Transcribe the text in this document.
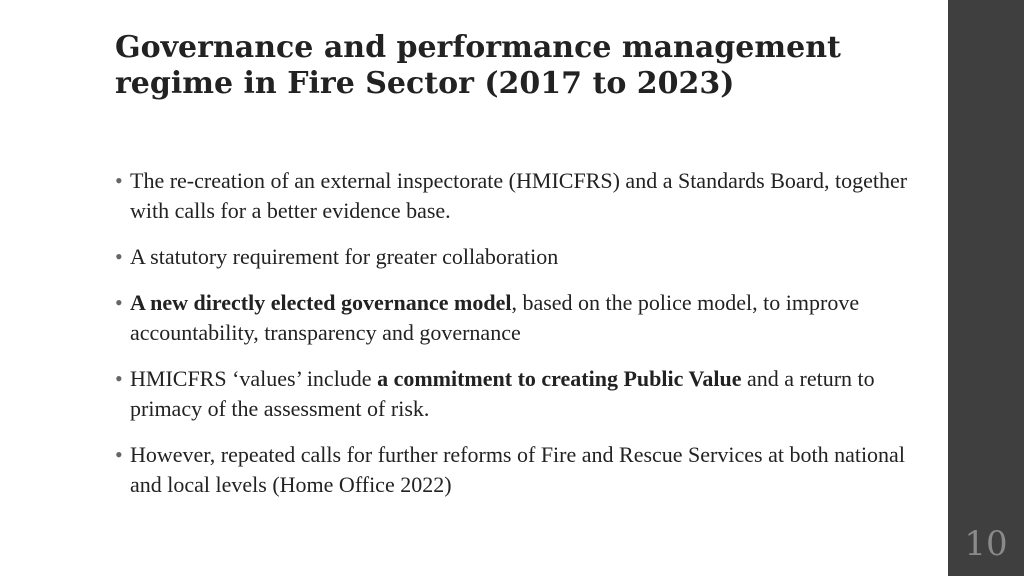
Governance and performance management regime in Fire Sector (2017 to 2023)
• The re-creation of an external inspectorate (HMICFRS) and a Standards Board, together with calls for a better evidence base.
• A statutory requirement for greater collaboration
• A new directly elected governance model, based on the police model, to improve accountability, transparency and governance
• HMICFRS ‘values’ include a commitment to creating Public Value and a return to primacy of the assessment of risk.
• However, repeated calls for further reforms of Fire and Rescue Services at both national and local levels (Home Office 2022)
10
